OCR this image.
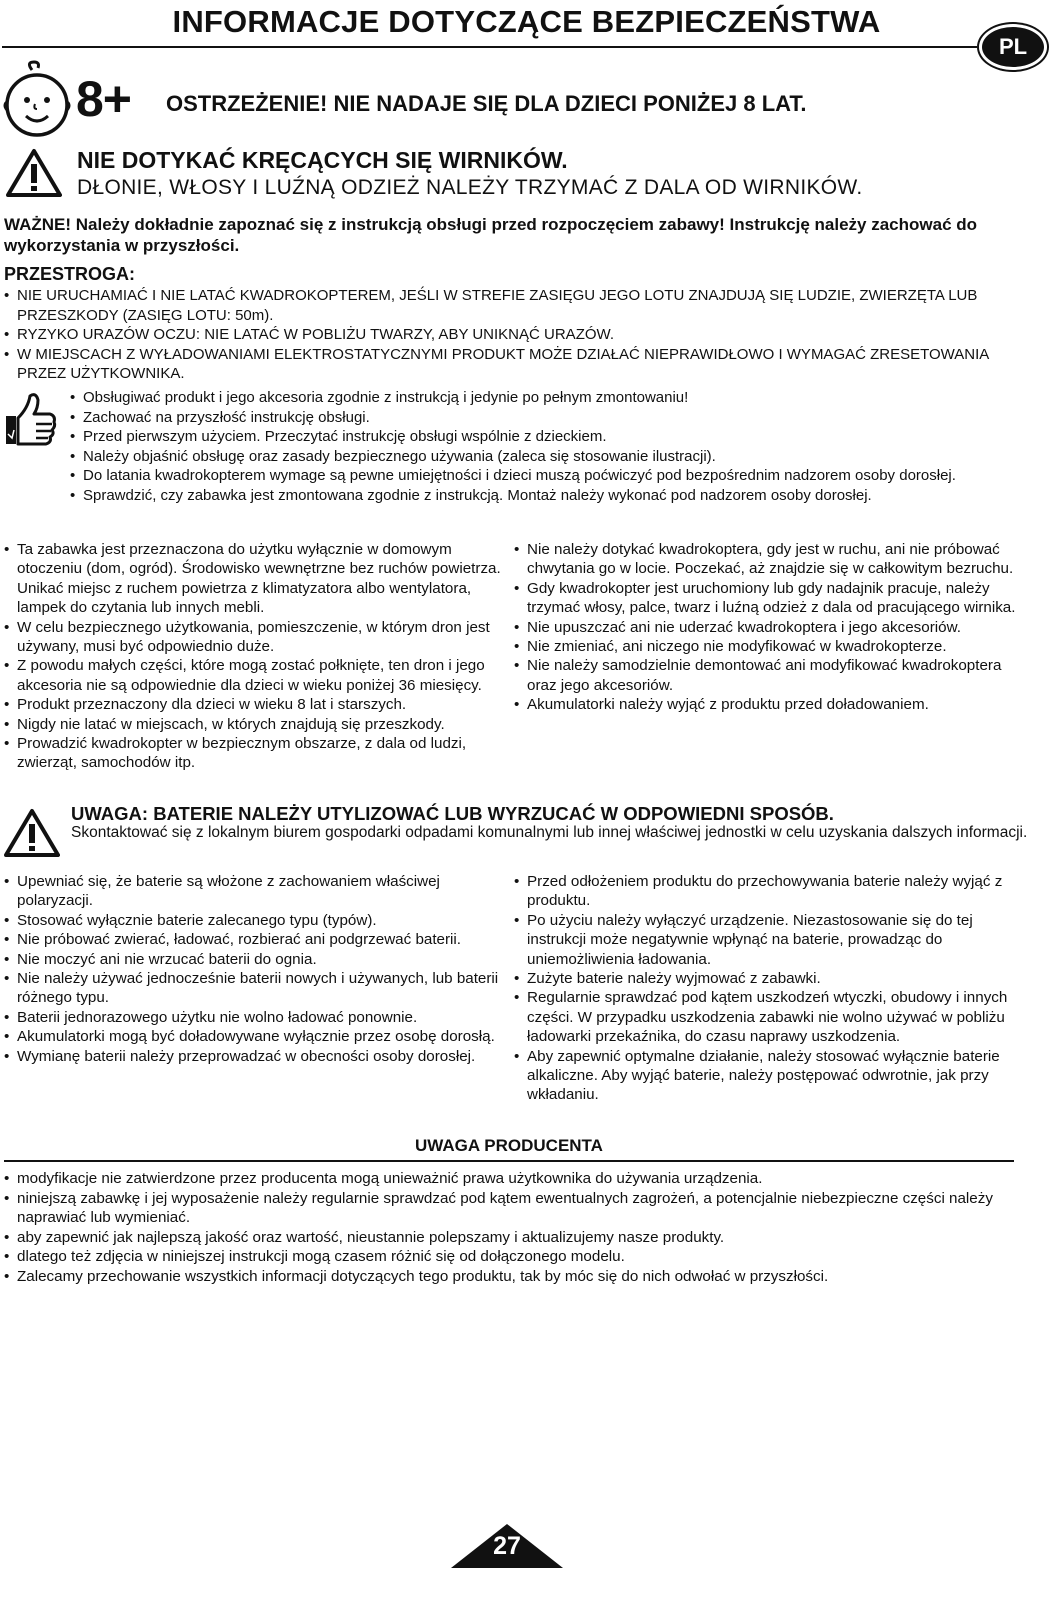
INFORMACJE DOTYCZĄCE BEZPIECZEŃSTWA
PL
8+ OSTRZEŻENIE! NIE NADAJE SIĘ DLA DZIECI PONIŻEJ 8 LAT.
NIE DOTYKAĆ KRĘCĄCYCH SIĘ WIRNIKÓW.
DŁONIE, WŁOSY I LUŹNĄ ODZIEŻ NALEŻY TRZYMAĆ Z DALA OD WIRNIKÓW.
WAŻNE! Należy dokładnie zapoznać się z instrukcją obsługi przed rozpoczęciem zabawy! Instrukcję należy zachować do wykorzystania w przyszłości.
PRZESTROGA:
• NIE URUCHAMIAĆ I NIE LATAĆ KWADROKOPTEREM, JEŚLI W STREFIE ZASIĘGU JEGO LOTU ZNAJDUJĄ SIĘ LUDZIE, ZWIERZĘTA LUB PRZESZKODY (ZASIĘG LOTU: 50m).
• RYZYKO URAZÓW OCZU: NIE LATAĆ W POBLIŻU TWARZY, ABY UNIKNĄĆ URAZÓW.
• W MIEJSCACH Z WYŁADOWANIAMI ELEKTROSTATYCZNYMI PRODUKT MOŻE DZIAŁAĆ NIEPRAWIDŁOWO I WYMAGAĆ ZRESETOWANIA PRZEZ UŻYTKOWNIKA.
• Obsługiwać produkt i jego akcesoria zgodnie z instrukcją i jedynie po pełnym zmontowaniu!
• Zachować na przyszłość instrukcję obsługi.
• Przed pierwszym użyciem. Przeczytać instrukcję obsługi wspólnie z dzieckiem.
• Należy objaśnić obsługę oraz zasady bezpiecznego używania (zaleca się stosowanie ilustracji).
• Do latania kwadrokopterem wymage są pewne umiejętności i dzieci muszą poćwiczyć pod bezpośrednim nadzorem osoby dorosłej.
• Sprawdzić, czy zabawka jest zmontowana zgodnie z instrukcją. Montaż należy wykonać pod nadzorem osoby dorosłej.
• Ta zabawka jest przeznaczona do użytku wyłącznie w domowym otoczeniu (dom, ogród). Środowisko wewnętrzne bez ruchów powietrza. Unikać miejsc z ruchem powietrza z klimatyzatora albo wentylatora, lampek do czytania lub innych mebli.
• W celu bezpiecznego użytkowania, pomieszczenie, w którym dron jest używany, musi być odpowiednio duże.
• Z powodu małych części, które mogą zostać połknięte, ten dron i jego akcesoria nie są odpowiednie dla dzieci w wieku poniżej 36 miesięcy.
• Produkt przeznaczony dla dzieci w wieku 8 lat i starszych.
• Nigdy nie latać w miejscach, w których znajdują się przeszkody.
• Prowadzić kwadrokopter w bezpiecznym obszarze, z dala od ludzi, zwierząt, samochodów itp.
• Nie należy dotykać kwadrokoptera, gdy jest w ruchu, ani nie próbować chwytania go w locie. Poczekać, aż znajdzie się w całkowitym bezruchu.
• Gdy kwadrokopter jest uruchomiony lub gdy nadajnik pracuje, należy trzymać włosy, palce, twarz i luźną odzież z dala od pracującego wirnika.
• Nie upuszczać ani nie uderzać kwadrokoptera i jego akcesoriów.
• Nie zmieniać, ani niczego nie modyfikować w kwadrokopterze.
• Nie należy samodzielnie demontować ani modyfikować kwadrokoptera oraz jego akcesoriów.
• Akumulatorki należy wyjąć z produktu przed doładowaniem.
UWAGA: BATERIE NALEŻY UTYLIZOWAĆ LUB WYRZUCAĆ W ODPOWIEDNI SPOSÓB.
Skontaktować się z lokalnym biurem gospodarki odpadami komunalnymi lub innej właściwej jednostki w celu uzyskania dalszych informacji.
• Upewniać się, że baterie są włożone z zachowaniem właściwej polaryzacji.
• Stosować wyłącznie baterie zalecanego typu (typów).
• Nie próbować zwierać, ładować, rozbierać ani podgrzewać baterii.
• Nie moczyć ani nie wrzucać baterii do ognia.
• Nie należy używać jednocześnie baterii nowych i używanych, lub baterii różnego typu.
• Baterii jednorazowego użytku nie wolno ładować ponownie.
• Akumulatorki mogą być doładowywane wyłącznie przez osobę dorosłą.
• Wymianę baterii należy przeprowadzać w obecności osoby dorosłej.
• Przed odłożeniem produktu do przechowywania baterie należy wyjąć z produktu.
• Po użyciu należy wyłączyć urządzenie. Niezastosowanie się do tej instrukcji może negatywnie wpłynąć na baterie, prowadząc do uniemożliwienia ładowania.
• Zużyte baterie należy wyjmować z zabawki.
• Regularnie sprawdzać pod kątem uszkodzeń wtyczki, obudowy i innych części. W przypadku uszkodzenia zabawki nie wolno używać w pobliżu ładowarki przekaźnika, do czasu naprawy uszkodzenia.
• Aby zapewnić optymalne działanie, należy stosować wyłącznie baterie alkaliczne. Aby wyjąć baterie, należy postępować odwrotnie, jak przy wkładaniu.
UWAGA PRODUCENTA
• modyfikacje nie zatwierdzone przez producenta mogą unieważnić prawa użytkownika do używania urządzenia.
• niniejszą zabawkę i jej wyposażenie należy regularnie sprawdzać pod kątem ewentualnych zagrożeń, a potencjalnie niebezpieczne części należy naprawiać lub wymieniać.
• aby zapewnić jak najlepszą jakość oraz wartość, nieustannie polepszamy i aktualizujemy nasze produkty.
• dlatego też zdjęcia w niniejszej instrukcji mogą czasem różnić się od dołączonego modelu.
• Zalecamy przechowanie wszystkich informacji dotyczących tego produktu, tak by móc się do nich odwołać w przyszłości.
27
